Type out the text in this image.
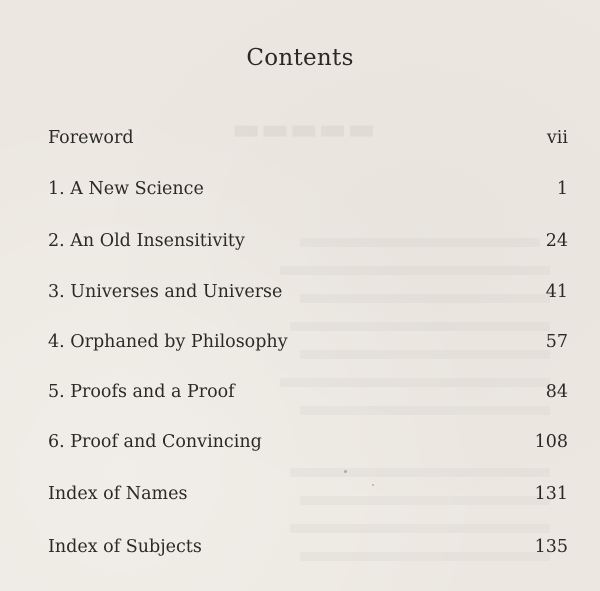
▬▬▬▬▬
Contents
Foreword	vii
1. A New Science	1
2. An Old Insensitivity	24
3. Universes and Universe	41
4. Orphaned by Philosophy	57
5. Proofs and a Proof	84
6. Proof and Convincing	108
Index of Names	131
Index of Subjects	135
